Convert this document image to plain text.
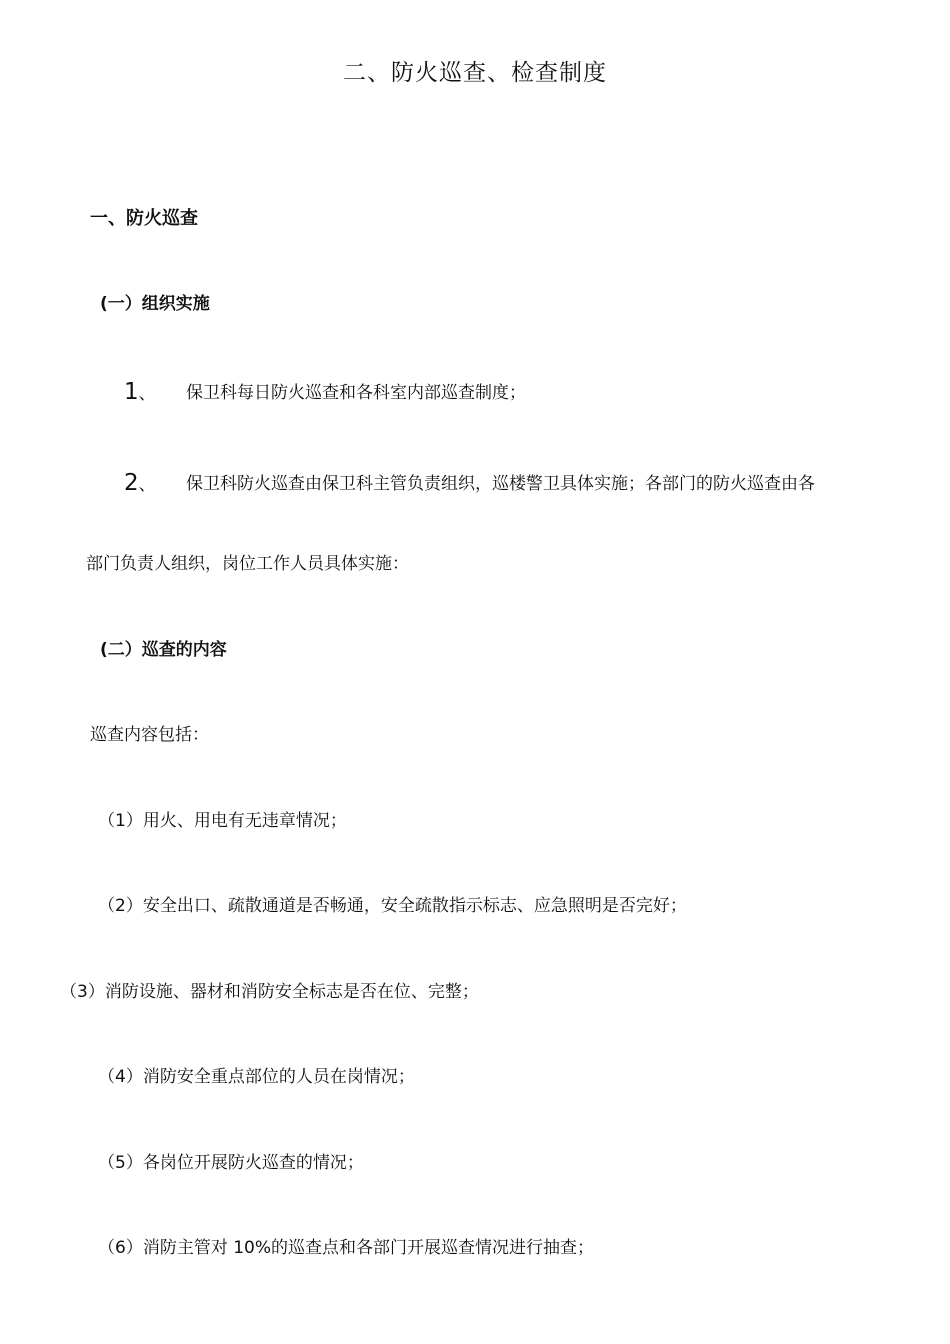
二、防火巡查、检查制度
一、防火巡查
(一）组织实施
1、 保卫科每日防火巡查和各科室内部巡查制度；
2、 保卫科防火巡查由保卫科主管负责组织，巡楼警卫具体实施；各部门的防火巡查由各
部门负责人组织，岗位工作人员具体实施：
(二）巡查的内容
巡查内容包括：
（1）用火、用电有无违章情况；
（2）安全出口、疏散通道是否畅通，安全疏散指示标志、应急照明是否完好；
（3）消防设施、器材和消防安全标志是否在位、完整；
（4）消防安全重点部位的人员在岗情况；
（5）各岗位开展防火巡查的情况；
（6）消防主管对 10%的巡查点和各部门开展巡查情况进行抽查；
